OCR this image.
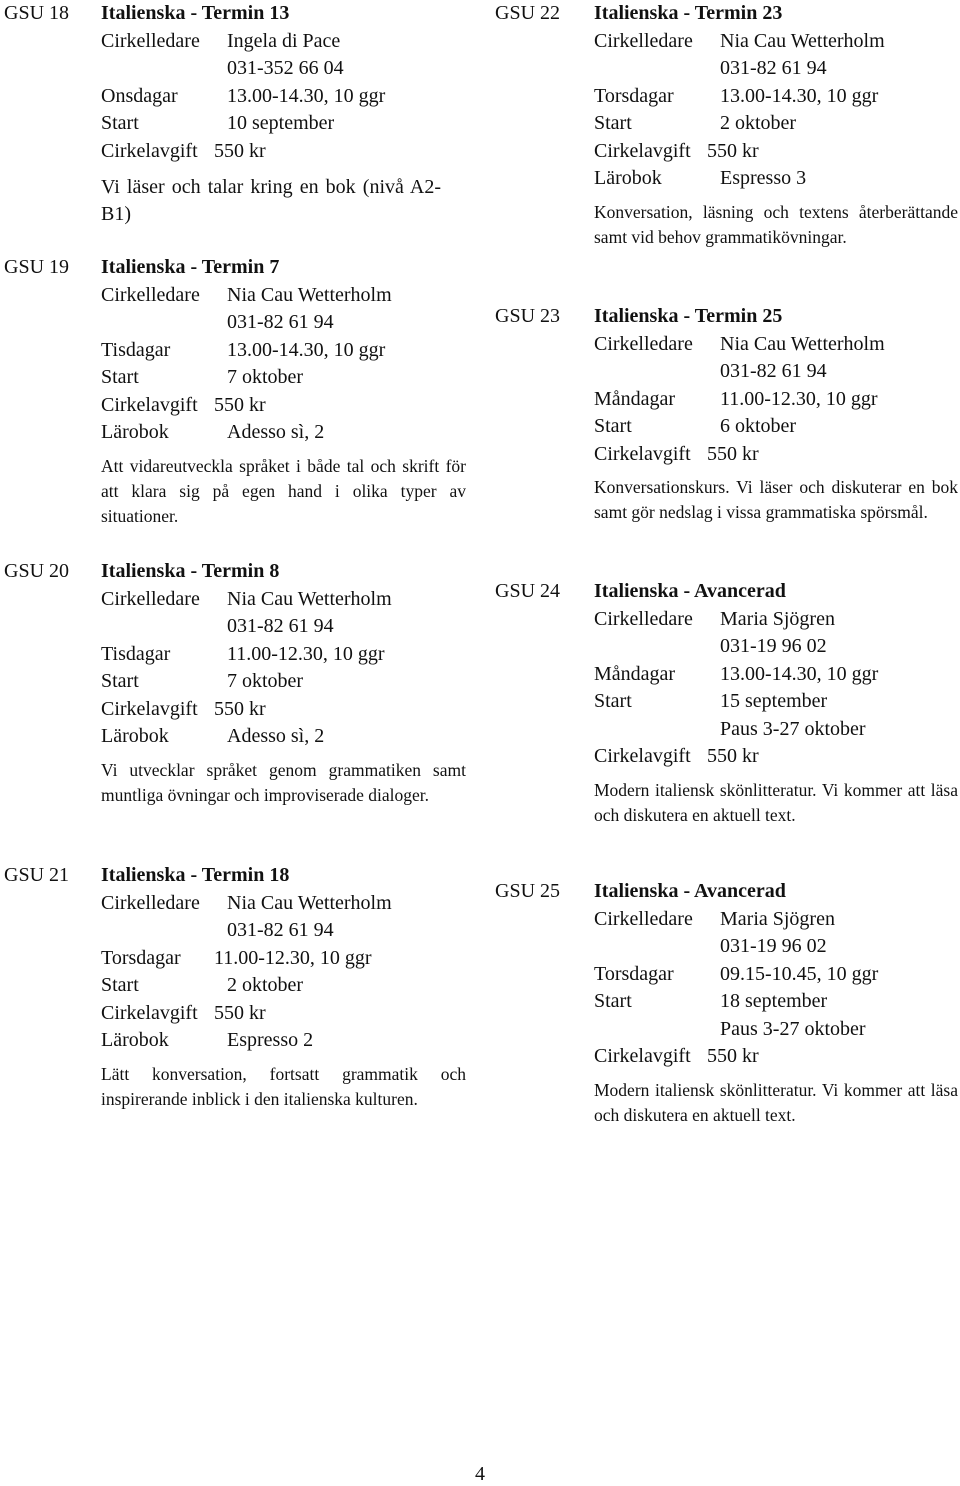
GSU 18 Italienska - Termin 13
Cirkelledare Ingela di Pace
031-352 66 04
Onsdagar 13.00-14.30, 10 ggr
Start	10 september
Cirkelavgift 550 kr
Vi läser och talar kring en bok (nivå A2-B1)
GSU 19 Italienska - Termin 7
Cirkelledare Nia Cau Wetterholm
031-82 61 94
Tisdagar	13.00-14.30, 10 ggr
Start	7 oktober
Cirkelavgift 550 kr
Lärobok	Adesso sì, 2
Att vidareutveckla språket i både tal och skrift för att klara sig på egen hand i olika typer av situationer.
GSU 20 Italienska - Termin 8
Cirkelledare Nia Cau Wetterholm
031-82 61 94
Tisdagar	11.00-12.30, 10 ggr
Start	7 oktober
Cirkelavgift 550 kr
Lärobok	Adesso sì, 2
Vi utvecklar språket genom grammatiken samt muntliga övningar och improviserade dialoger.
GSU 21 Italienska - Termin 18
Cirkelledare Nia Cau Wetterholm
031-82 61 94
Torsdagar 11.00-12.30, 10 ggr
Start	2 oktober
Cirkelavgift 550 kr
Lärobok	Espresso 2
Lätt konversation, fortsatt grammatik och inspirerande inblick i den italienska kulturen.
GSU 22 Italienska - Termin 23
Cirkelledare Nia Cau Wetterholm
031-82 61 94
Torsdagar 13.00-14.30, 10 ggr
Start	2 oktober
Cirkelavgift 550 kr
Lärobok	Espresso 3
Konversation, läsning och textens återberättande samt vid behov grammatikövningar.
GSU 23 Italienska - Termin 25
Cirkelledare Nia Cau Wetterholm
031-82 61 94
Måndagar 11.00-12.30, 10 ggr
Start	6 oktober
Cirkelavgift 550 kr
Konversationskurs. Vi läser och diskuterar en bok samt gör nedslag i vissa grammatiska spörsmål.
GSU 24 Italienska - Avancerad
Cirkelledare Maria Sjögren
031-19 96 02
Måndagar 13.00-14.30, 10 ggr
Start	15 september
Paus 3-27 oktober
Cirkelavgift 550 kr
Modern italiensk skönlitteratur. Vi kommer att läsa och diskutera en aktuell text.
GSU 25 Italienska - Avancerad
Cirkelledare Maria Sjögren
031-19 96 02
Torsdagar 09.15-10.45, 10 ggr
Start	18 september
Paus 3-27 oktober
Cirkelavgift 550 kr
Modern italiensk skönlitteratur. Vi kommer att läsa och diskutera en aktuell text.
4
